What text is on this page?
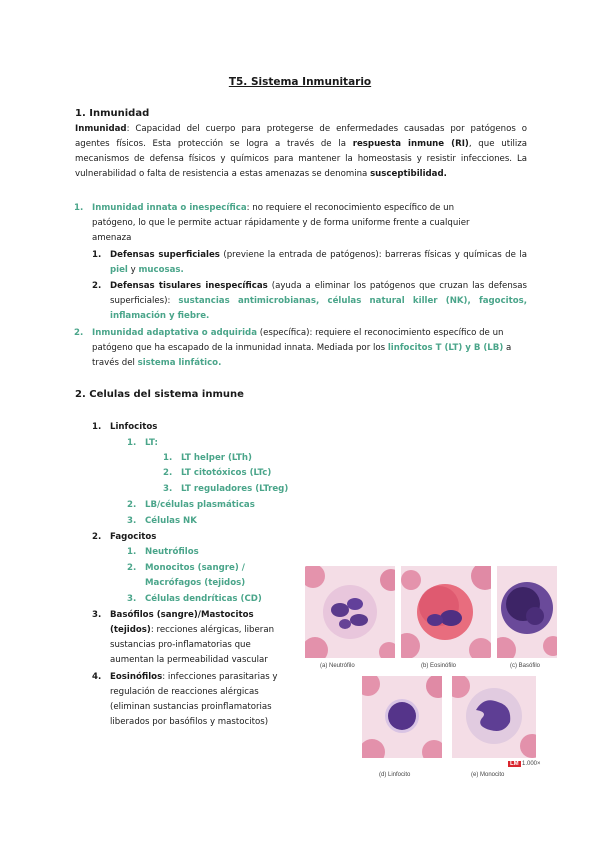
T5. Sistema Inmunitario
1. Inmunidad
Inmunidad: Capacidad del cuerpo para protegerse de enfermedades causadas por patógenos o agentes físicos. Esta protección se logra a través de la respuesta inmune (RI), que utiliza mecanismos de defensa físicos y químicos para mantener la homeostasis y resistir infecciones. La vulnerabilidad o falta de resistencia a estas amenazas se denomina susceptibilidad.
1. Inmunidad innata o inespecífica: no requiere el reconocimiento específico de un patógeno, lo que le permite actuar rápidamente y de forma uniforme frente a cualquier amenaza
1. Defensas superficiales (previene la entrada de patógenos): barreras físicas y químicas de la piel y mucosas.
2. Defensas tisulares inespecíficas (ayuda a eliminar los patógenos que cruzan las defensas superficiales): sustancias antimicrobianas, células natural killer (NK), fagocitos, inflamación y fiebre.
2. Inmunidad adaptativa o adquirida (específica): requiere el reconocimiento específico de un patógeno que ha escapado de la inmunidad innata. Mediada por los linfocitos T (LT) y B (LB) a través del sistema linfático.
2. Celulas del sistema inmune
1. Linfocitos
1. LT:
1. LT helper (LTh)
2. LT citotóxicos (LTc)
3. LT reguladores (LTreg)
2. LB/células plasmáticas
3. Células NK
2. Fagocitos
1. Neutrófilos
2. Monocitos (sangre) /
Macrófagos (tejidos)
3. Células dendríticas (CD)
3. Basófilos (sangre)/Mastocitos (tejidos): recciones alérgicas, liberan sustancias pro-inflamatorias que aumentan la permeabilidad vascular
4. Eosinófilos: infecciones parasitarias y regulación de reacciones alérgicas (eliminan sustancias proinflamatorias liberados por basófilos y mastocitos)
(a) Neutrófilo	(b) Eosinófilo	(c) Basófilo
(d) Linfocito	(e) Monocito
LM 1.000×
